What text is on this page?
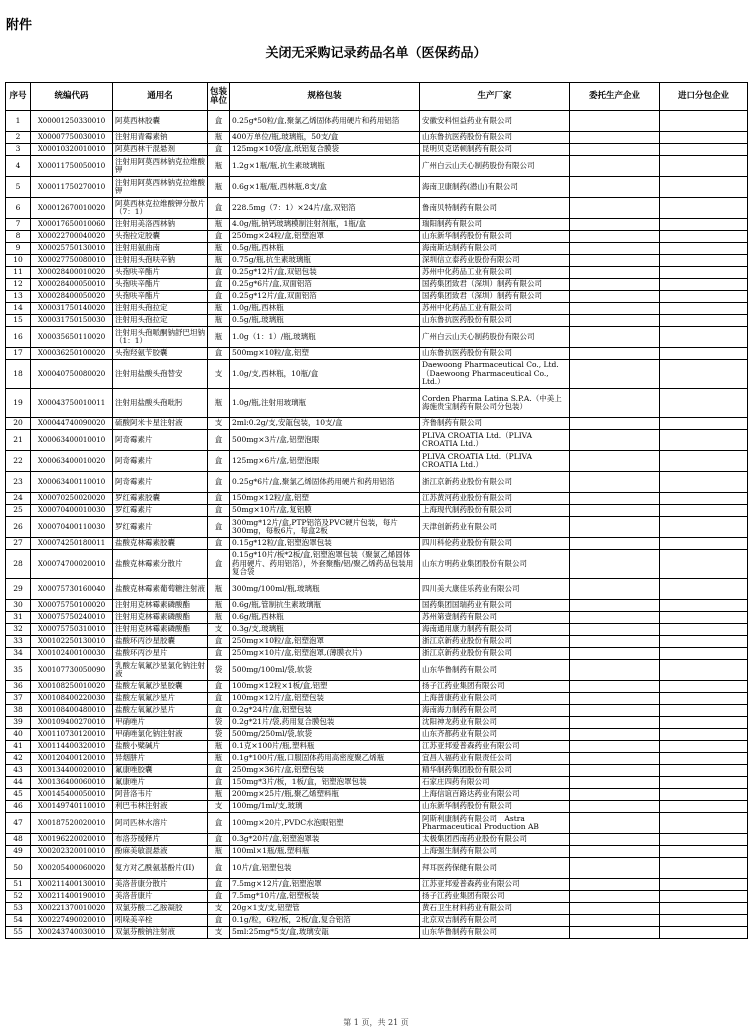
附件
关闭无采购记录药品名单（医保药品）
序号	统编代码	通用名	包装单位	规格包装	生产厂家	委托生产企业	进口分包企业
1	X00001250330010	阿莫西林胶囊	盒	0.25g*50粒/盒,聚氯乙烯固体药用硬片和药用铝箔	安徽安科恒益药业有限公司		
2	X00007750030010	注射用青霉素钠	瓶	400万单位/瓶,玻璃瓶，50支/盒	山东鲁抗医药股份有限公司		
3	X00010320010010	阿莫西林干混悬剂	盒	125mg×10袋/盒,纸铝复合膜袋	昆明贝克诺顿制药有限公司		
4	X00011750050010	注射用阿莫西林钠克拉维酸钾	瓶	1.2g×1瓶/瓶,抗生素玻璃瓶	广州白云山天心制药股份有限公司		
5	X00011750270010	注射用阿莫西林钠克拉维酸钾	瓶	0.6g×1瓶/瓶,西林瓶,8支/盒	海南卫康制药(潜山)有限公司		
6	X00012670010020	阿莫西林克拉维酸钾分散片（7：1）	盒	228.5mg（7：1）×24片/盒,双铝箔	鲁南贝特制药有限公司		
7	X00017650010060	注射用美洛西林钠	瓶	4.0g/瓶,钠钙玻璃模制注射剂瓶，1瓶/盒	瑞阳制药有限公司		
8	X00022700040020	头孢拉定胶囊	盒	250mg×24粒/盒,铝塑泡罩	山东新华制药股份有限公司		
9	X00025750130010	注射用氨曲南	瓶	0.5g/瓶,西林瓶	海南斯达制药有限公司		
10	X00027750080010	注射用头孢呋辛钠	瓶	0.75g/瓶,抗生素玻璃瓶	深圳信立泰药业股份有限公司		
11	X00028400010020	头孢呋辛酯片	盒	0.25g*12片/盒,双铝包装	苏州中化药品工业有限公司		
12	X00028400050010	头孢呋辛酯片	盒	0.25g*6片/盒,双面铝箔	国药集团致君（深圳）制药有限公司		
13	X00028400050020	头孢呋辛酯片	盒	0.25g*12片/盒,双面铝箔	国药集团致君（深圳）制药有限公司		
14	X00031750140020	注射用头孢拉定	瓶	1.0g/瓶,西林瓶	苏州中化药品工业有限公司		
15	X00031750150030	注射用头孢拉定	瓶	0.5g/瓶,玻璃瓶	山东鲁抗医药股份有限公司		
16	X00035650110020	注射用头孢哌酮钠舒巴坦钠（1：1）	瓶	1.0g（1：1）/瓶,玻璃瓶	广州白云山天心制药股份有限公司		
17	X00036250100020	头孢羟氨苄胶囊	盒	500mg×10粒/盒,铝塑	山东鲁抗医药股份有限公司		
18	X00040750080020	注射用盐酸头孢替安	支	1.0g/支,西林瓶，10瓶/盒	Daewoong Pharmaceutical Co., Ltd.（Daewoong Pharmaceutical Co., Ltd.）		
19	X00043750010011	注射用盐酸头孢吡肟	瓶	1.0g/瓶,注射用玻璃瓶	Corden Pharma Latina S.P.A.（中美上海施贵宝制药有限公司分包装）		
20	X00044740090020	硫酸阿米卡星注射液	支	2ml:0.2g/支,安瓿包装，10支/盒	齐鲁制药有限公司		
21	X00063400010010	阿奇霉素片	盒	500mg×3片/盒,铝塑泡眼	PLIVA CROATIA Ltd.（PLIVA CROATIA Ltd.）		
22	X00063400010020	阿奇霉素片	盒	125mg×6片/盒,铝塑泡眼	PLIVA CROATIA Ltd.（PLIVA CROATIA Ltd.）		
23	X00063400110010	阿奇霉素片	盒	0.25g*6片/盒,聚氯乙烯固体药用硬片和药用铝箔	浙江京新药业股份有限公司		
24	X00070250020020	罗红霉素胶囊	盒	150mg×12粒/盒,铝塑	江苏黄河药业股份有限公司		
25	X00070400010030	罗红霉素片	盒	50mg×10片/盒,复铝膜	上海现代制药股份有限公司		
26	X00070400110030	罗红霉素片	盒	300mg*12片/盒,PTP铝箔及PVC硬片包装，每片300mg，每板6片，每盒2板	天津创新药业有限公司		
27	X00074250180011	盐酸克林霉素胶囊	盒	0.15g*12粒/盒,铝塑泡罩包装	四川科伦药业股份有限公司		
28	X00074700020010	盐酸克林霉素分散片	盒	0.15g*10片/板*2板/盒,铝塑泡罩包装（聚氯乙烯固体药用硬片、药用铝箔），外套聚酯/铝/聚乙烯药品包装用复合袋	山东方明药业集团股份有限公司		
29	X00075730160040	盐酸克林霉素葡萄糖注射液	瓶	300mg/100ml/瓶,玻璃瓶	四川美大康佳乐药业有限公司		
30	X00075750100020	注射用克林霉素磷酸酯	瓶	0.6g/瓶,管制抗生素玻璃瓶	国药集团国瑞药业有限公司		
31	X00075750240010	注射用克林霉素磷酸酯	瓶	0.6g/瓶,西林瓶	苏州第壹制药有限公司		
32	X00075750310010	注射用克林霉素磷酸酯	支	0.3g/支,玻璃瓶	海南通用康力制药有限公司		
33	X00102250130010	盐酸环丙沙星胶囊	盒	250mg×10粒/盒,铝塑泡罩	浙江京新药业股份有限公司		
34	X00102400100030	盐酸环丙沙星片	盒	250mg×10片/盒,铝塑泡罩,(薄膜衣片)	浙江京新药业股份有限公司		
35	X00107730050090	乳酸左氧氟沙星氯化钠注射液	袋	500mg/100ml/袋,软袋	山东华鲁制药有限公司		
36	X00108250010020	盐酸左氧氟沙星胶囊	盒	100mg×12粒×1板/盒,铝塑	扬子江药业集团有限公司		
37	X00108400220030	盐酸左氧氟沙星片	盒	100mg×12片/盒,铝塑包装	上海普康药业有限公司		
38	X00108400480010	盐酸左氧氟沙星片	盒	0.2g*24片/盒,铝塑包装	海南海力制药有限公司		
39	X00109400270010	甲硝唑片	袋	0.2g*21片/袋,药用复合膜包装	沈阳神龙药业有限公司		
40	X00110730120010	甲硝唑氯化钠注射液	袋	500mg/250ml/袋,软袋	山东齐都药业有限公司		
41	X00114400320010	盐酸小檗碱片	瓶	0.1克×100片/瓶,塑料瓶	江苏亚邦爱普森药业有限公司		
42	X00120400120010	异烟肼片	瓶	0.1g*100片/瓶,口服固体药用高密度聚乙烯瓶	宜昌人福药业有限责任公司		
43	X00134400020010	氟康唑胶囊	盒	250mg×36片/盒,铝塑包装	精华制药集团股份有限公司		
44	X00136400060010	氟康唑片	盒	150mg*3片/板，1板/盒，铝塑泡罩包装	石家庄四药有限公司		
45	X00145400050010	阿昔洛韦片	瓶	200mg×25片/瓶,聚乙烯塑料瓶	上海信谊百路达药业有限公司		
46	X00149740110010	利巴韦林注射液	支	100mg/1ml/支,玻璃	山东新华制药股份有限公司		
47	X00187520020010	阿司匹林水溶片	盒	100mg×20片,PVDC水泡眼铝塑	阿斯利康制药有限公司　Astra Pharmaceutical Production AB		
48	X00196220020010	布洛芬缓释片	盒	0.3g*20片/盒,铝塑泡罩装	太极集团西南药业股份有限公司		
49	X00202320010010	酚麻美敏混悬液	瓶	100ml×1瓶/瓶,塑料瓶	上海强生制药有限公司		
50	X00205400060020	复方对乙酰氨基酚片(II)	盒	10片/盒,铝塑包装	拜耳医药保健有限公司		
51	X00211400130010	美洛昔康分散片	盒	7.5mg×12片/盒,铝塑泡罩	江苏亚邦爱普森药业有限公司		
52	X00211400190010	美洛昔康片	盒	7.5mg*10片/盒,铝塑板装	扬子江药业集团有限公司		
53	X00221370010020	双氯芬酸二乙胺凝胶	支	20g×1支/支,铝塑管	黄石卫生材料药业有限公司		
54	X00227490020010	吲哚美辛栓	盒	0.1g/粒，6粒/板，2板/盒,复合铝箔	北京双吉制药有限公司		
55	X00243740030010	双氯芬酸钠注射液	支	5ml:25mg*5支/盒,玻璃安瓿	山东华鲁制药有限公司		
第 1 页，共 21 页
